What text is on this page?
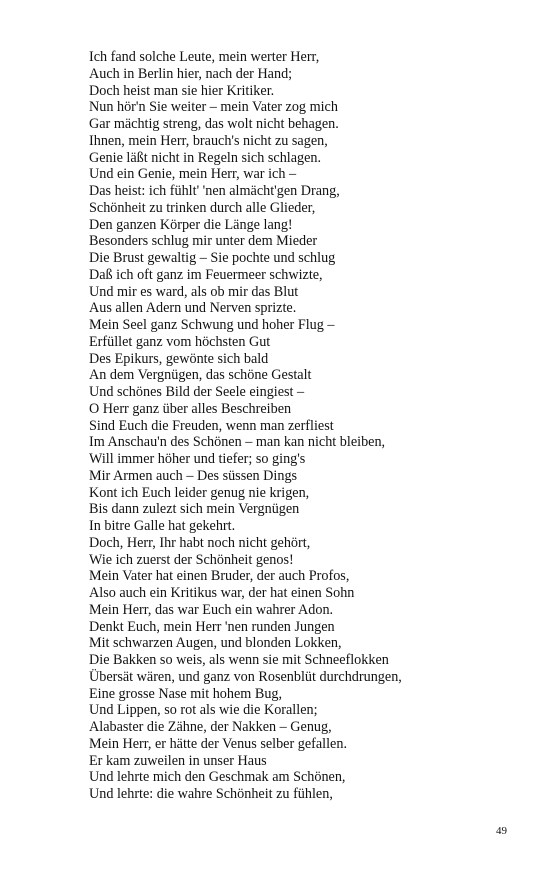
Ich fand solche Leute, mein werter Herr,
Auch in Berlin hier, nach der Hand;
Doch heist man sie hier Kritiker.
Nun hör'n Sie weiter – mein Vater zog mich
Gar mächtig streng, das wolt nicht behagen.
Ihnen, mein Herr, brauch's nicht zu sagen,
Genie läßt nicht in Regeln sich schlagen.
Und ein Genie, mein Herr, war ich –
Das heist: ich fühlt' 'nen almächt'gen Drang,
Schönheit zu trinken durch alle Glieder,
Den ganzen Körper die Länge lang!
Besonders schlug mir unter dem Mieder
Die Brust gewaltig – Sie pochte und schlug
Daß ich oft ganz im Feuermeer schwizte,
Und mir es ward, als ob mir das Blut
Aus allen Adern und Nerven sprizte.
Mein Seel ganz Schwung und hoher Flug –
Erfüllet ganz vom höchsten Gut
Des Epikurs, gewönte sich bald
An dem Vergnügen, das schöne Gestalt
Und schönes Bild der Seele eingiest –
O Herr ganz über alles Beschreiben
Sind Euch die Freuden, wenn man zerfliest
Im Anschau'n des Schönen – man kan nicht bleiben,
Will immer höher und tiefer; so ging's
Mir Armen auch – Des süssen Dings
Kont ich Euch leider genug nie krigen,
Bis dann zulezt sich mein Vergnügen
In bitre Galle hat gekehrt.
Doch, Herr, Ihr habt noch nicht gehört,
Wie ich zuerst der Schönheit genos!
Mein Vater hat einen Bruder, der auch Profos,
Also auch ein Kritikus war, der hat einen Sohn
Mein Herr, das war Euch ein wahrer Adon.
Denkt Euch, mein Herr 'nen runden Jungen
Mit schwarzen Augen, und blonden Lokken,
Die Bakken so weis, als wenn sie mit Schneeflokken
Übersät wären, und ganz von Rosenblüt durchdrungen,
Eine grosse Nase mit hohem Bug,
Und Lippen, so rot als wie die Korallen;
Alabaster die Zähne, der Nakken – Genug,
Mein Herr, er hätte der Venus selber gefallen.
Er kam zuweilen in unser Haus
Und lehrte mich den Geschmak am Schönen,
Und lehrte: die wahre Schönheit zu fühlen,
49
